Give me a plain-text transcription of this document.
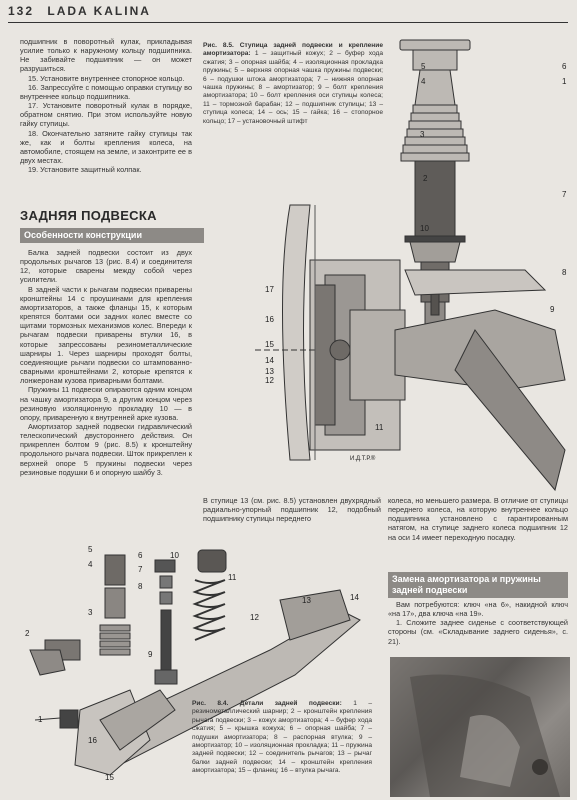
132 LADA KALINA

подшипник в поворотный кулак, прикладывая усилие только к наружному кольцу подшипника. Не забивайте подшипник — он может разрушиться.

15. Установите внутреннее стопорное кольцо.

16. Запрессуйте с помощью оправки ступицу во внутреннее кольцо подшипника.

17. Установите поворотный кулак в порядке, обратном снятию. При этом используйте новую гайку ступицы.

18. Окончательно затяните гайку ступицы так же, как и болты крепления колеса, на автомобиле, стоящем на земле, и законтрите ее в двух местах.

19. Установите защитный колпак.

ЗАДНЯЯ ПОДВЕСКА
Особенности конструкции

Балка задней подвески состоит из двух продольных рычагов 13 (рис. 8.4) и соединителя 12, которые сварены между собой через усилители.

В задней части к рычагам подвески приварены кронштейны 14 с проушинами для крепления амортизаторов, а также фланцы 15, к которым крепятся болтами оси задних колес вместе со щитами тормозных механизмов колес. Впереди к рычагам подвески приварены втулки 16, в которые запрессованы резинометаллические шарниры 1. Через шарниры проходят болты, соединяющие рычаги подвески со штампованно-сварными кронштейнами 2, которые крепятся к лонжеронам кузова приварными болтами.

Пружины 11 подвески опираются одним концом на чашку амортизатора 9, а другим концом через резиновую изоляционную прокладку 10 — в опору, приваренную к внутренней арке кузова.

Амортизатор задней подвески гидравлический телескопический двустороннего действия. Он прикреплен болтом 9 (рис. 8.5) к кронштейну продольного рычага подвески. Шток прикреплен к верхней опоре 5 пружины подвески через резиновые подушки 6 и опорную шайбу 3.

Рис. 8.5. Ступица задней подвески и крепление амортизатора: 1 – защитный кожух; 2 – буфер хода сжатия; 3 – опорная шайба; 4 – изоляционная прокладка пружины; 5 – верхняя опорная чашка пружины подвески; 6 – подушки штока амортизатора; 7 – нижняя опорная чашка пружины; 8 – амортизатор; 9 – болт крепления амортизатора; 10 – болт крепления оси ступицы колеса; 11 – тормозной барабан; 12 – подшипник ступицы; 13 – ступица колеса; 14 – ось; 15 – гайка; 16 – стопорное кольцо; 17 – установочный штифт
5
4
3
2
10
6
1
7
8
9
17
16
15
14
13
12
11
И.Д.Т.Р.®

В ступице 13 (см. рис. 8.5) установлен двухрядный радиально-упорный подшипник 12, подобный подшипнику ступицы переднего

колеса, но меньшего размера. В отличие от ступицы переднего колеса, на которую внутреннее кольцо подшипника установлено с гарантированным натягом, на ступице заднего колеса подшипник 12 на оси 14 имеет переходную посадку.

Замена амортизатора и пружины задней подвески

Вам потребуются: ключ «на 6», накидной ключ «на 17», два ключа «на 19».

1. Сложите заднее сиденье с соответствующей стороны (см. «Складывание заднего сиденья», с. 21).

5
4
3
2
6
7
8
9
10
11
12
13	14
1
16
15
Рис. 8.4. Детали задней подвески: 1 – резинометаллический шарнир; 2 – кронштейн крепления рычага подвески; 3 – кожух амортизатора; 4 – буфер хода сжатия; 5 – крышка кожуха; 6 – опорная шайба; 7 – подушки амортизатора; 8 – распорная втулка; 9 – амортизатор; 10 – изоляционная прокладка; 11 – пружина задней подвески; 12 – соединитель рычагов; 13 – рычаг балки задней подвески; 14 – кронштейн крепления амортизатора; 15 – фланец; 16 – втулка рычага.
